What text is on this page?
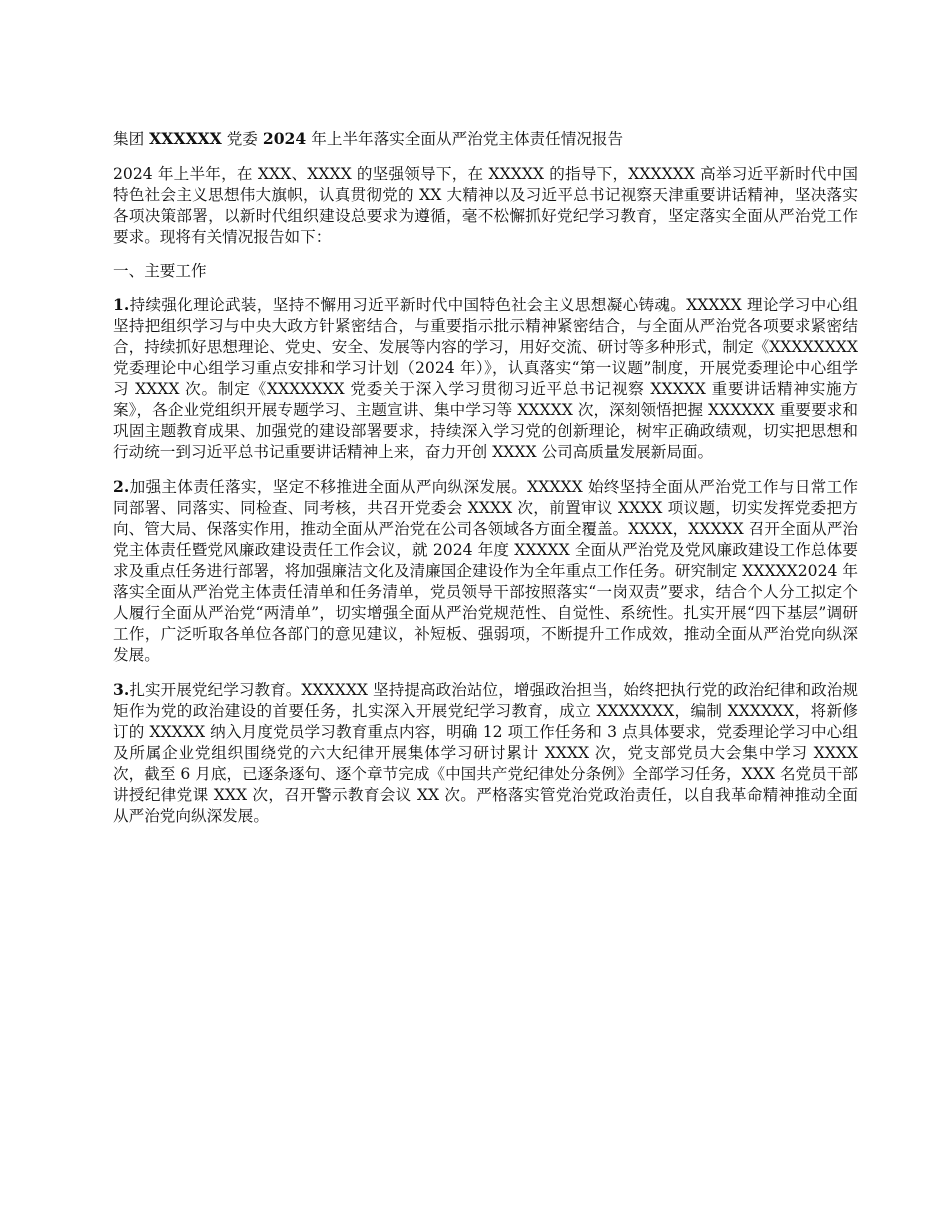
集团 XXXXXX 党委 2024 年上半年落实全面从严治党主体责任情况报告

2024 年上半年，在 XXX、XXXX 的坚强领导下，在 XXXXX 的指导下，XXXXXX 高举习近平新时代中国特色社会主义思想伟大旗帜，认真贯彻党的 XX 大精神以及习近平总书记视察天津重要讲话精神，坚决落实各项决策部署，以新时代组织建设总要求为遵循，毫不松懈抓好党纪学习教育，坚定落实全面从严治党工作要求。现将有关情况报告如下：

一、主要工作

1.持续强化理论武装，坚持不懈用习近平新时代中国特色社会主义思想凝心铸魂。XXXXX 理论学习中心组坚持把组织学习与中央大政方针紧密结合，与重要指示批示精神紧密结合，与全面从严治党各项要求紧密结合，持续抓好思想理论、党史、安全、发展等内容的学习，用好交流、研讨等多种形式，制定《XXXXXXXX 党委理论中心组学习重点安排和学习计划（2024 年）》，认真落实“第一议题”制度，开展党委理论中心组学习 XXXX 次。制定《XXXXXXX 党委关于深入学习贯彻习近平总书记视察 XXXXX 重要讲话精神实施方案》，各企业党组织开展专题学习、主题宣讲、集中学习等 XXXXX 次，深刻领悟把握 XXXXXX 重要要求和巩固主题教育成果、加强党的建设部署要求，持续深入学习党的创新理论，树牢正确政绩观，切实把思想和行动统一到习近平总书记重要讲话精神上来，奋力开创 XXXX 公司高质量发展新局面。

2.加强主体责任落实，坚定不移推进全面从严向纵深发展。XXXXX 始终坚持全面从严治党工作与日常工作同部署、同落实、同检查、同考核，共召开党委会 XXXX 次，前置审议 XXXX 项议题，切实发挥党委把方向、管大局、保落实作用，推动全面从严治党在公司各领域各方面全覆盖。XXXX，XXXXX 召开全面从严治党主体责任暨党风廉政建设责任工作会议，就 2024 年度 XXXXX 全面从严治党及党风廉政建设工作总体要求及重点任务进行部署，将加强廉洁文化及清廉国企建设作为全年重点工作任务。研究制定 XXXXX2024 年落实全面从严治党主体责任清单和任务清单，党员领导干部按照落实“一岗双责”要求，结合个人分工拟定个人履行全面从严治党“两清单”，切实增强全面从严治党规范性、自觉性、系统性。扎实开展“四下基层”调研工作，广泛听取各单位各部门的意见建议，补短板、强弱项，不断提升工作成效，推动全面从严治党向纵深发展。

3.扎实开展党纪学习教育。XXXXXX 坚持提高政治站位，增强政治担当，始终把执行党的政治纪律和政治规矩作为党的政治建设的首要任务，扎实深入开展党纪学习教育，成立 XXXXXXX，编制 XXXXXX，将新修订的 XXXXX 纳入月度党员学习教育重点内容，明确 12 项工作任务和 3 点具体要求，党委理论学习中心组及所属企业党组织围绕党的六大纪律开展集体学习研讨累计 XXXX 次，党支部党员大会集中学习 XXXX 次，截至 6 月底，已逐条逐句、逐个章节完成《中国共产党纪律处分条例》全部学习任务，XXX 名党员干部讲授纪律党课 XXX 次，召开警示教育会议 XX 次。严格落实管党治党政治责任，以自我革命精神推动全面从严治党向纵深发展。
